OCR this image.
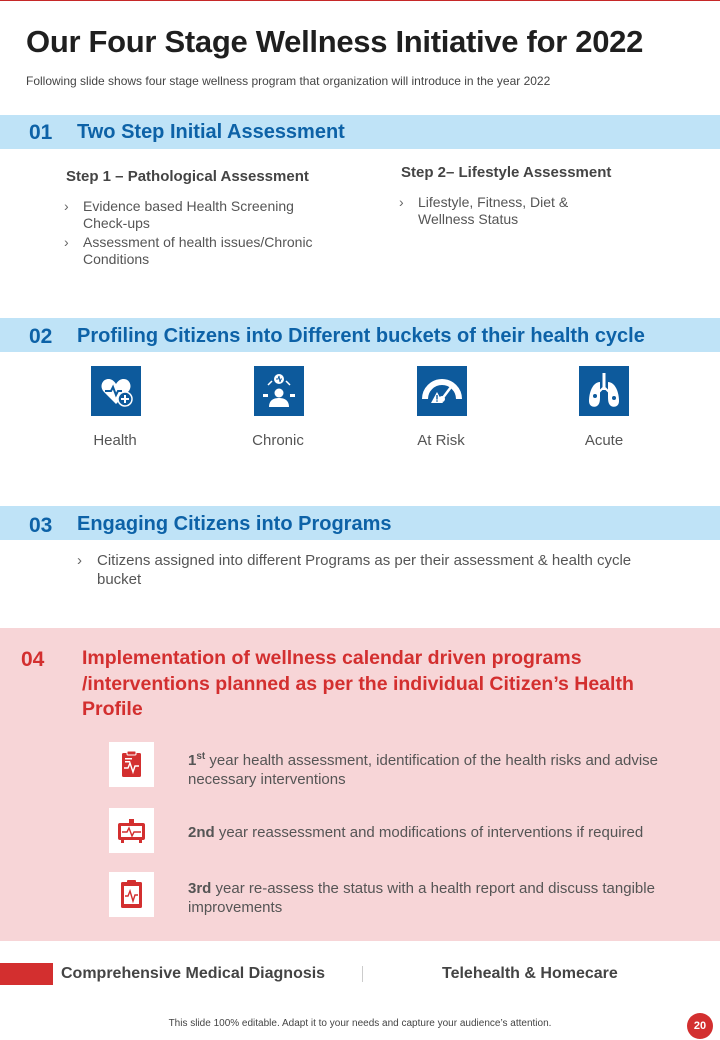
Our Four Stage Wellness Initiative for 2022
Following slide shows four stage wellness program that organization will introduce in the year 2022
01 Two Step Initial Assessment
Step 1 – Pathological Assessment
›	Evidence based Health Screening Check-ups
›	Assessment of health issues/Chronic Conditions
Step 2– Lifestyle Assessment
›	Lifestyle, Fitness, Diet & Wellness Status
02 Profiling Citizens into Different buckets of their health cycle
Health	Chronic	At Risk	Acute
03 Engaging Citizens into Programs
›	Citizens assigned into different Programs as per their assessment & health cycle bucket
04 Implementation of wellness calendar driven programs /interventions planned as per the individual Citizen’s Health Profile
1st year health assessment, identification of the health risks and advise necessary interventions
2nd year reassessment and modifications of interventions if required
3rd year re-assess the status with a health report and discuss tangible improvements
Comprehensive Medical Diagnosis	Telehealth & Homecare
This slide 100% editable. Adapt it to your needs and capture your audience’s attention.	20
